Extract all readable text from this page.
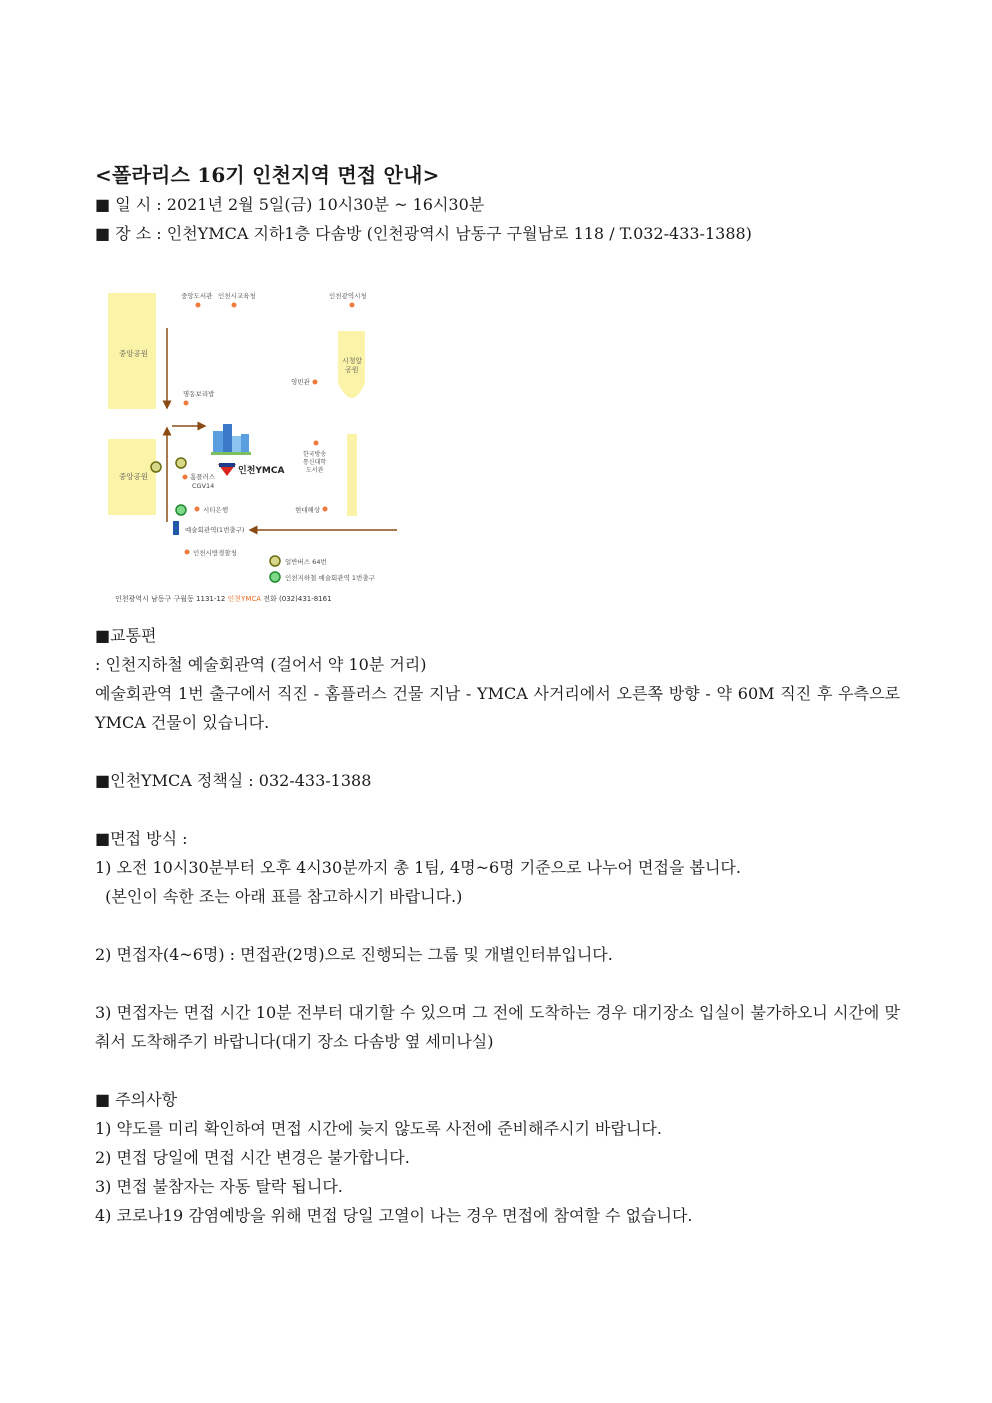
<폴라리스 16기 인천지역 면접 안내>
■ 일 시 : 2021년 2월 5일(금) 10시30분 ~ 16시30분
■ 장 소 : 인천YMCA 지하1층 다솜방 (인천광역시 남동구 구월남로 118 / T.032-433-1388)
중앙도서관 인천시교육청	인천광역시청
중앙공원
중앙공원
시청앞
공원
영빈관
명동보리밥
한국방송
통신대학
도서관
홈플러스
CGV14
시티은행	현대해상
예술회관역(1번출구)
인천시방경찰청
일반버스 64번
인천지하철 예술회관역 1번출구
인천YMCA
인천광역시 남동구 구월동 1131-12 인천YMCA 전화 (032)431-8161
■교통편
: 인천지하철 예술회관역 (걸어서 약 10분 거리)
예술회관역 1번 출구에서 직진 - 홈플러스 건물 지남 - YMCA 사거리에서 오른쪽 방향 - 약 60M 직진 후 우측으로 YMCA 건물이 있습니다.
■인천YMCA 정책실 : 032-433-1388
■면접 방식 :
1) 오전 10시30분부터 오후 4시30분까지 총 1팀, 4명~6명 기준으로 나누어 면접을 봅니다.
(본인이 속한 조는 아래 표를 참고하시기 바랍니다.)
2) 면접자(4~6명) : 면접관(2명)으로 진행되는 그룹 및 개별인터뷰입니다.
3) 면접자는 면접 시간 10분 전부터 대기할 수 있으며 그 전에 도착하는 경우 대기장소 입실이 불가하오니 시간에 맞춰서 도착해주기 바랍니다(대기 장소 다솜방 옆 세미나실)
■ 주의사항
1) 약도를 미리 확인하여 면접 시간에 늦지 않도록 사전에 준비해주시기 바랍니다.
2) 면접 당일에 면접 시간 변경은 불가합니다.
3) 면접 불참자는 자동 탈락 됩니다.
4) 코로나19 감염예방을 위해 면접 당일 고열이 나는 경우 면접에 참여할 수 없습니다.
